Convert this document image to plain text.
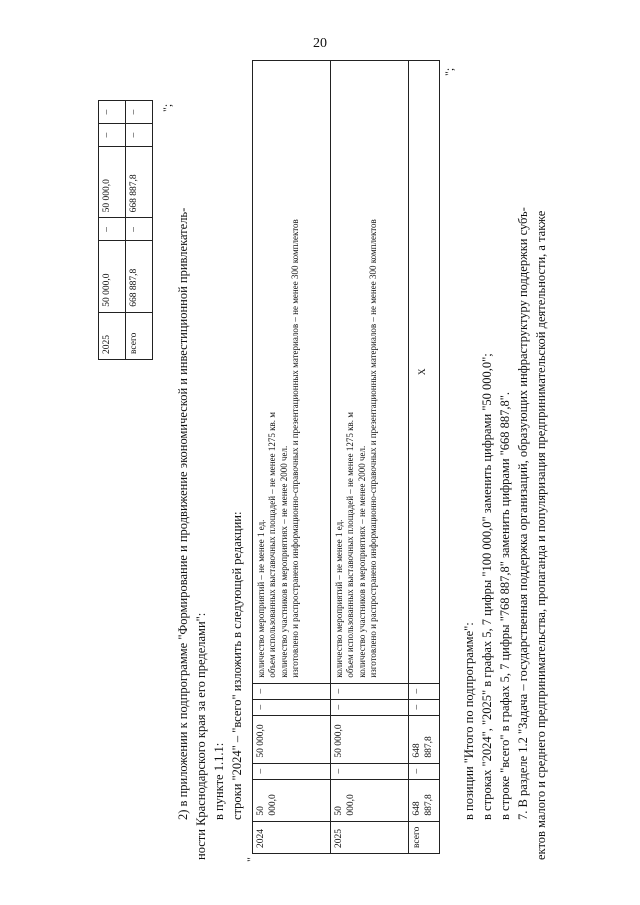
20
2025	50 000,0	–	50 000,0	–	–
всего	668 887,8	–	668 887,8	–	– ";
2) в приложении к подпрограмме "Формирование и продвижение экономической и инвестиционной привлекатель- ности Краснодарского края за его пределами": в пункте 1.1.1: строки "2024" – "всего" изложить в следующей редакции:
"
2024	50 000,0	–	50 000,0	–	–	количество мероприятий – не менее 1 ед. объем использованных выставочных площадей – не менее 1275 кв. м количество участников в мероприятиях – не менее 2000 чел. изготовлено и распространено информационно-справочных и презентационных материалов – не менее 300 комплектов

2025	50 000,0	–	50 000,0	–	–	количество мероприятий – не менее 1 ед. объем использованных выставочных площадей – не менее 1275 кв. м количество участников в мероприятиях – не менее 2000 чел. изготовлено и распространено информационно-справочных и презентационных материалов – не менее 300 комплектов

всего	648 887,8	–	648 887,8	–	–	X
";
в позиции "Итого по подпрограмме": в строках "2024", "2025" в графах 5, 7 цифры "100 000,0" заменить цифрами "50 000,0"; в строке "всего" в графах 5, 7 цифры "768 887,8" заменить цифрами "668 887,8". 7. В разделе 1.2 "Задача – государственная поддержка организаций, образующих инфраструктуру поддержки субъ- ектов малого и среднего предпринимательства, пропаганда и популяризация предпринимательской деятельности, а также
